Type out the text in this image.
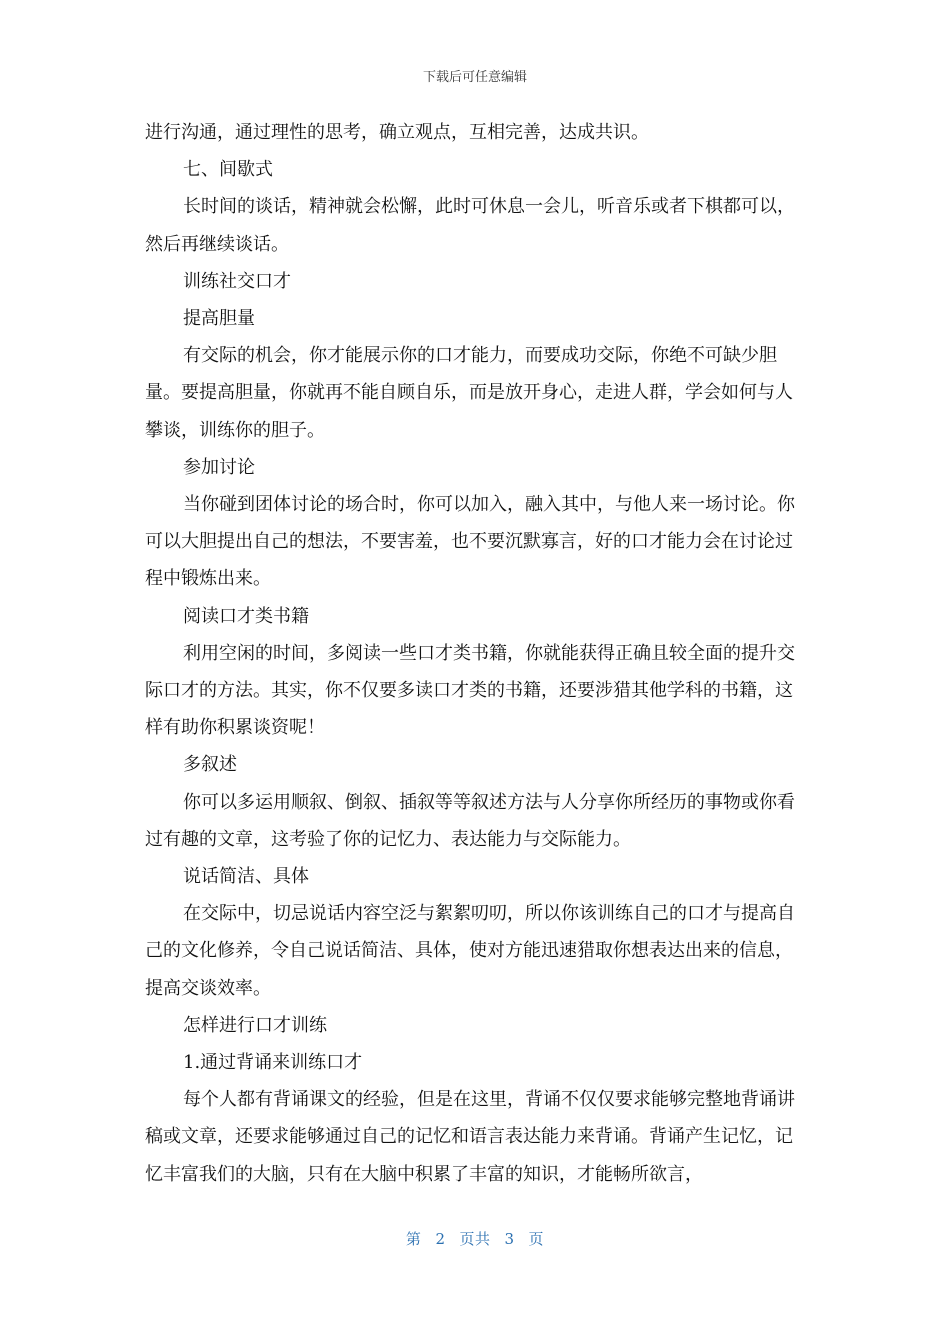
下载后可任意编辑

进行沟通，通过理性的思考，确立观点，互相完善，达成共识。

七、间歇式

长时间的谈话，精神就会松懈，此时可休息一会儿，听音乐或者下棋都可以，然后再继续谈话。

训练社交口才

提高胆量

有交际的机会，你才能展示你的口才能力，而要成功交际，你绝不可缺少胆量。要提高胆量，你就再不能自顾自乐，而是放开身心，走进人群，学会如何与人攀谈，训练你的胆子。

参加讨论

当你碰到团体讨论的场合时，你可以加入，融入其中，与他人来一场讨论。你可以大胆提出自己的想法，不要害羞，也不要沉默寡言，好的口才能力会在讨论过程中锻炼出来。

阅读口才类书籍

利用空闲的时间，多阅读一些口才类书籍，你就能获得正确且较全面的提升交际口才的方法。其实，你不仅要多读口才类的书籍，还要涉猎其他学科的书籍，这样有助你积累谈资呢！

多叙述

你可以多运用顺叙、倒叙、插叙等等叙述方法与人分享你所经历的事物或你看过有趣的文章，这考验了你的记忆力、表达能力与交际能力。

说话简洁、具体

在交际中，切忌说话内容空泛与絮絮叨叨，所以你该训练自己的口才与提高自己的文化修养，令自己说话简洁、具体，使对方能迅速猎取你想表达出来的信息，提高交谈效率。

怎样进行口才训练

1.通过背诵来训练口才

每个人都有背诵课文的经验，但是在这里，背诵不仅仅要求能够完整地背诵讲稿或文章，还要求能够通过自己的记忆和语言表达能力来背诵。背诵产生记忆，记忆丰富我们的大脑，只有在大脑中积累了丰富的知识，才能畅所欲言，

第 2 页共 3 页
